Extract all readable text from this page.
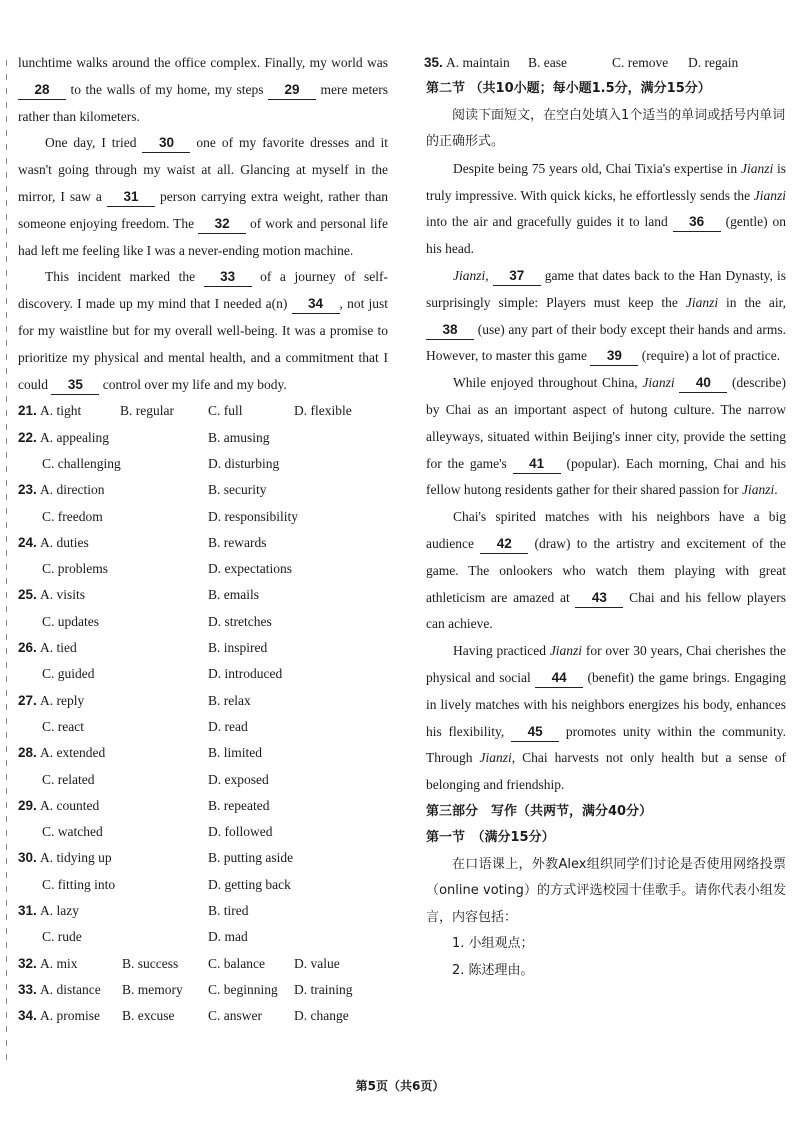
lunchtime walks around the office complex. Finally, my world was 28 to the walls of my home, my steps 29 mere meters rather than kilometers.

One day, I tried 30 one of my favorite dresses and it wasn't going through my waist at all. Glancing at myself in the mirror, I saw a 31 person carrying extra weight, rather than someone enjoying freedom. The 32 of work and personal life had left me feeling like I was a never-ending motion machine.

This incident marked the 33 of a journey of self-discovery. I made up my mind that I needed a(n) 34 , not just for my waistline but for my overall well-being. It was a promise to prioritize my physical and mental health, and a commitment that I could 35 control over my life and my body.

21. A. tight	B. regular	C. full	D. flexible
22. A. appealing	B. amusing
C. challenging	D. disturbing
23. A. direction	B. security
C. freedom	D. responsibility
24. A. duties	B. rewards
C. problems	D. expectations
25. A. visits	B. emails
C. updates	D. stretches
26. A. tied	B. inspired
C. guided	D. introduced
27. A. reply	B. relax
C. react	D. read
28. A. extended	B. limited
C. related	D. exposed
29. A. counted	B. repeated
C. watched	D. followed
30. A. tidying up	B. putting aside
C. fitting into	D. getting back
31. A. lazy	B. tired
C. rude	D. mad
32. A. mix	B. success C. balance D. value
33. A. distance B. memory C. beginning D. training
34. A. promise B. excuse C. answer D. change
35. A. maintain B. ease	C. remove D. regain

第二节 （共10小题；每小题1.5分，满分15分）

阅读下面短文，在空白处填入1个适当的单词或括号内单词的正确形式。

Despite being 75 years old, Chai Tixia's expertise in Jianzi is truly impressive. With quick kicks, he effortlessly sends the Jianzi into the air and gracefully guides it to land 36 (gentle) on his head.

Jianzi, 37 game that dates back to the Han Dynasty, is surprisingly simple: Players must keep the Jianzi in the air, 38 (use) any part of their body except their hands and arms. However, to master this game 39 (require) a lot of practice.

While enjoyed throughout China, Jianzi 40 (describe) by Chai as an important aspect of hutong culture. The narrow alleyways, situated within Beijing's inner city, provide the setting for the game's 41 (popular). Each morning, Chai and his fellow hutong residents gather for their shared passion for Jianzi.

Chai's spirited matches with his neighbors have a big audience 42 (draw) to the artistry and excitement of the game. The onlookers who watch them playing with great athleticism are amazed at 43 Chai and his fellow players can achieve.

Having practiced Jianzi for over 30 years, Chai cherishes the physical and social 44 (benefit) the game brings. Engaging in lively matches with his neighbors energizes his body, enhances his flexibility, 45 promotes unity within the community. Through Jianzi, Chai harvests not only health but a sense of belonging and friendship.

第三部分　写作（共两节，满分40分）

第一节　（满分15分）

在口语课上，外教Alex组织同学们讨论是否使用网络投票（online voting）的方式评选校园十佳歌手。请你代表小组发言，内容包括：

1. 小组观点；

2. 陈述理由。

第5页（共6页）
